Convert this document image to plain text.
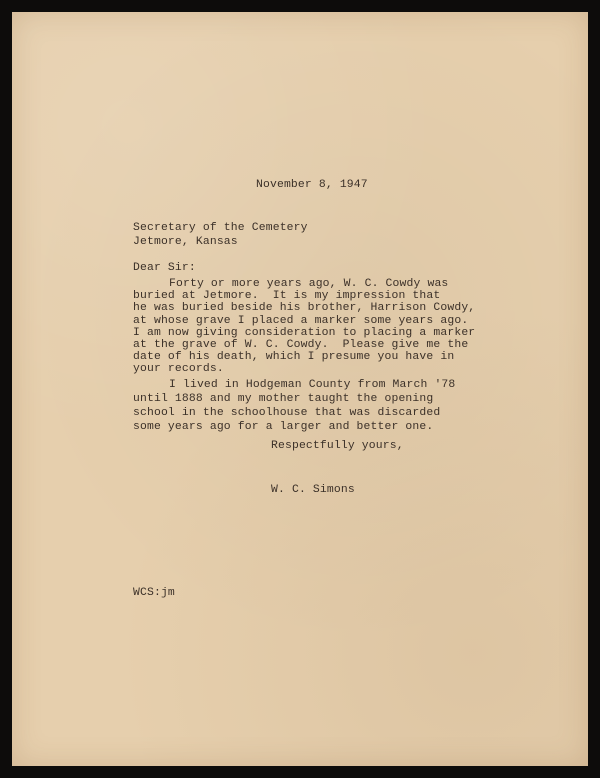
November 8, 1947
Secretary of the Cemetery
Jetmore, Kansas
Dear Sir:
Forty or more years ago, W. C. Cowdy was
buried at Jetmore.  It is my impression that
he was buried beside his brother, Harrison Cowdy,
at whose grave I placed a marker some years ago.
I am now giving consideration to placing a marker
at the grave of W. C. Cowdy.  Please give me the
date of his death, which I presume you have in
your records.
I lived in Hodgeman County from March '78
until 1888 and my mother taught the opening
school in the schoolhouse that was discarded
some years ago for a larger and better one.
Respectfully yours,
W. C. Simons
WCS:jm
